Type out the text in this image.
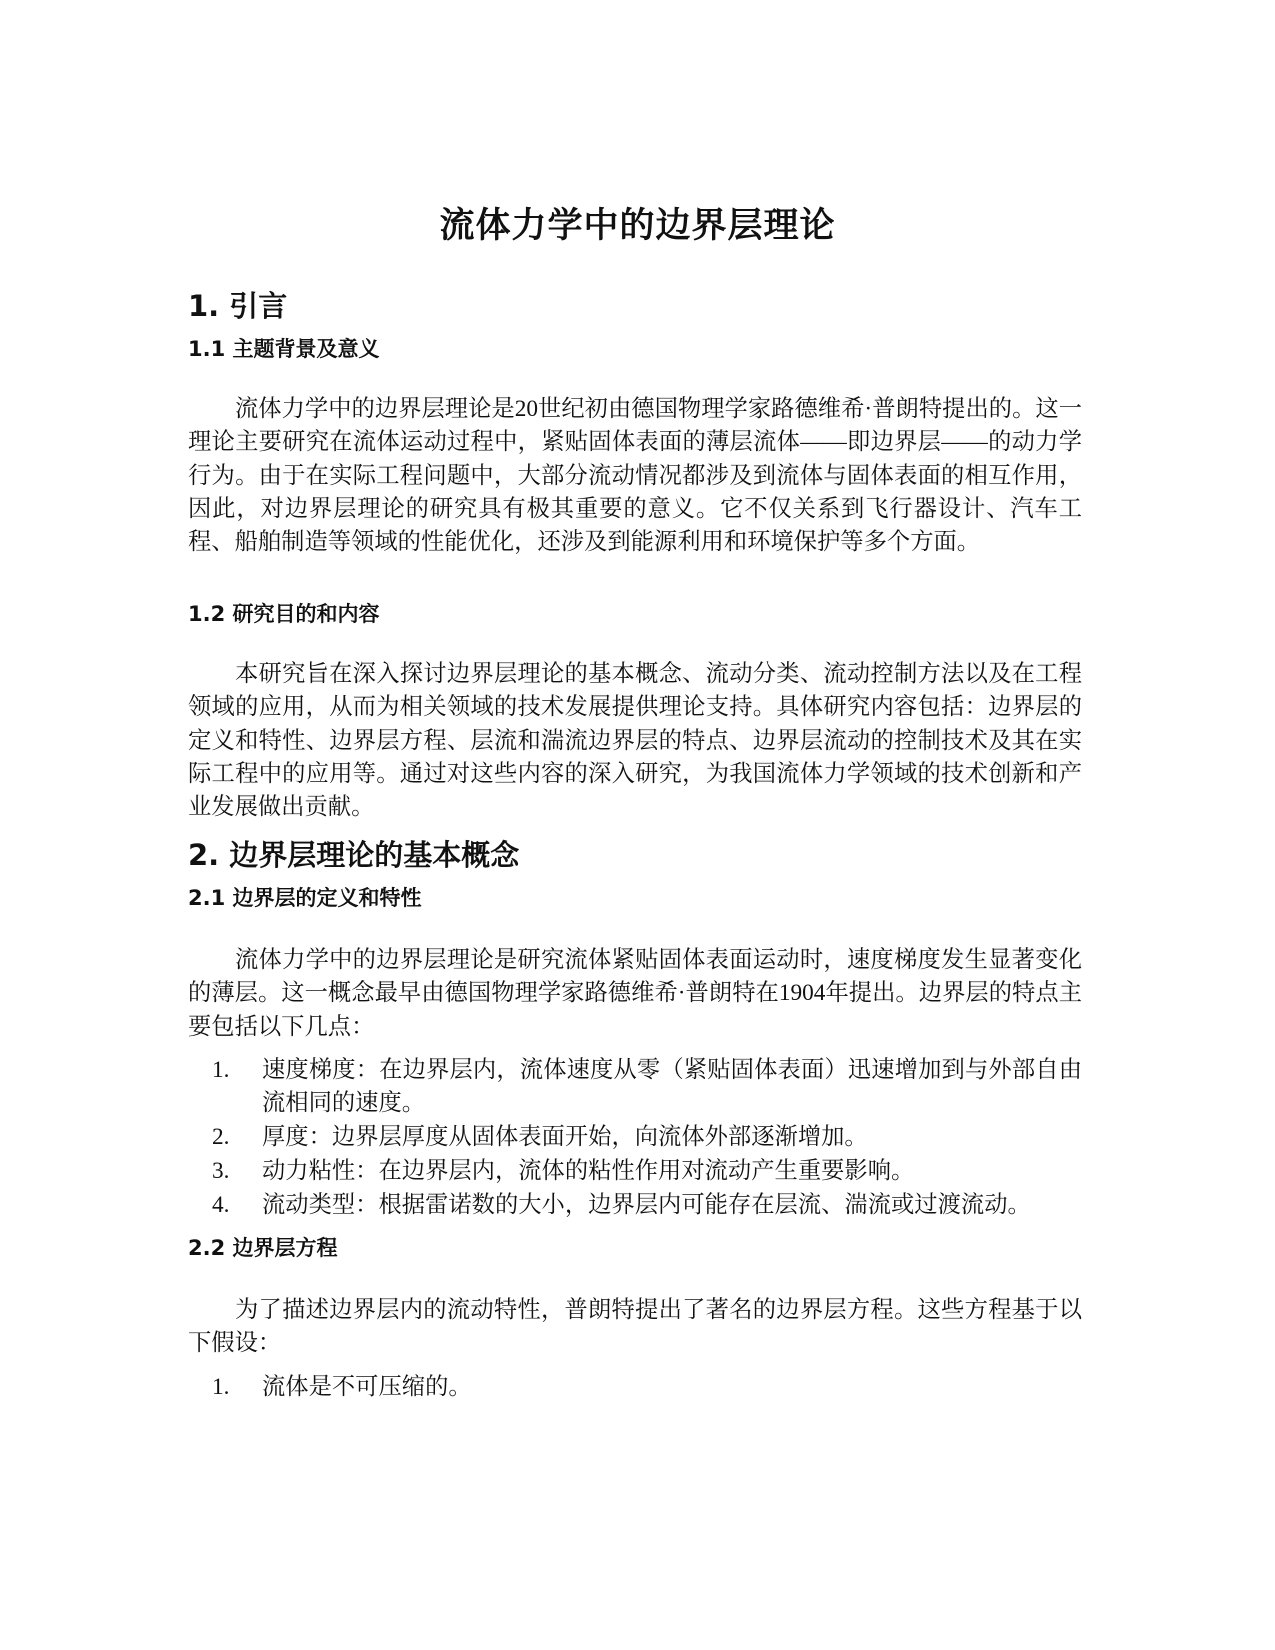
流体力学中的边界层理论
1. 引言
1.1 主题背景及意义

流体力学中的边界层理论是20世纪初由德国物理学家路德维希·普朗特提出的。这一理论主要研究在流体运动过程中，紧贴固体表面的薄层流体——即边界层——的动力学行为。由于在实际工程问题中，大部分流动情况都涉及到流体与固体表面的相互作用，因此，对边界层理论的研究具有极其重要的意义。它不仅关系到飞行器设计、汽车工程、船舶制造等领域的性能优化，还涉及到能源利用和环境保护等多个方面。

1.2 研究目的和内容

本研究旨在深入探讨边界层理论的基本概念、流动分类、流动控制方法以及在工程领域的应用，从而为相关领域的技术发展提供理论支持。具体研究内容包括：边界层的定义和特性、边界层方程、层流和湍流边界层的特点、边界层流动的控制技术及其在实际工程中的应用等。通过对这些内容的深入研究，为我国流体力学领域的技术创新和产业发展做出贡献。

2. 边界层理论的基本概念
2.1 边界层的定义和特性

流体力学中的边界层理论是研究流体紧贴固体表面运动时，速度梯度发生显著变化的薄层。这一概念最早由德国物理学家路德维希·普朗特在1904年提出。边界层的特点主要包括以下几点：

1.	速度梯度：在边界层内，流体速度从零（紧贴固体表面）迅速增加到与外部自由流相同的速度。
2.	厚度：边界层厚度从固体表面开始，向流体外部逐渐增加。
3.	动力粘性：在边界层内，流体的粘性作用对流动产生重要影响。
4.	流动类型：根据雷诺数的大小，边界层内可能存在层流、湍流或过渡流动。
2.2 边界层方程

为了描述边界层内的流动特性，普朗特提出了著名的边界层方程。这些方程基于以下假设：

1.	流体是不可压缩的。
